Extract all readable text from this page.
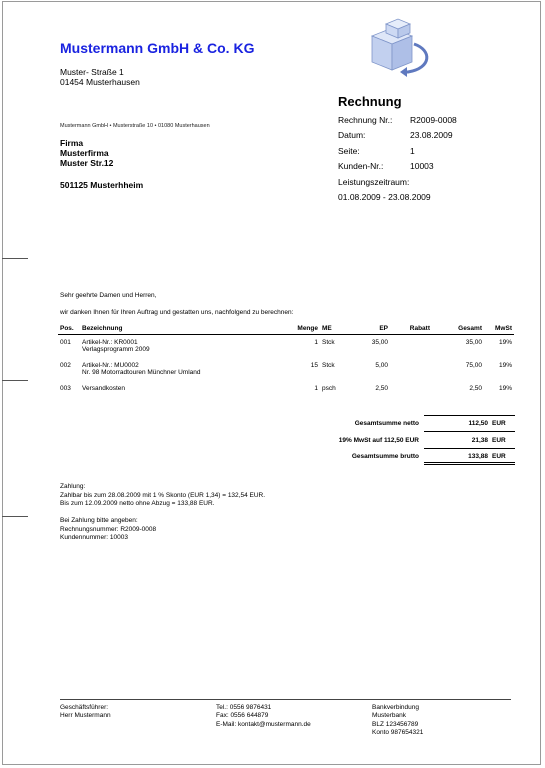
Mustermann GmbH & Co. KG
Muster- Straße 1
01454 Musterhausen
Mustermann GmbH • Musterstraße 10 • 01080 Musterhausen
Firma
Musterfirma
Muster Str.12
501125 Musterhheim
Rechnung
Rechnung Nr.: R2009-0008
Datum:	23.08.2009
Seite:	1
Kunden-Nr.:	10003
Leistungszeitraum:
01.08.2009 - 23.08.2009
Sehr geehrte Damen und Herren,
wir danken Ihnen für Ihren Auftrag und gestatten uns, nachfolgend zu berechnen:
Pos.	Bezeichnung	Menge	ME	EP	Rabatt	Gesamt	MwSt

001	Artikel-Nr.: KR0001
Verlagsprogramm 2009	1	Stck	35,00		35,00	19%

002	Artikel-Nr.: MU0002
Nr. 98 Motorradtouren Münchner Umland	15	Stck	5,00		75,00	19%

003	Versandkosten	1	psch	2,50		2,50	19%
Gesamtsumme netto	112,50 EUR
19% MwSt auf 112,50 EUR	21,38 EUR
Gesamtsumme brutto	133,88 EUR
Zahlung:
Zahlbar bis zum 28.08.2009 mit 1 % Skonto (EUR 1,34) = 132,54 EUR.
Bis zum 12.09.2009 netto ohne Abzug = 133,88 EUR.
Bei Zahlung bitte angeben:
Rechnungsnummer: R2009-0008
Kundennummer: 10003
Geschäftsführer:
Herr Mustermann
Tel.: 0556 9876431
Fax: 0556 644879
E-Mail: kontakt@mustermann.de
Bankverbindung
Musterbank
BLZ 123456789
Konto 987654321
